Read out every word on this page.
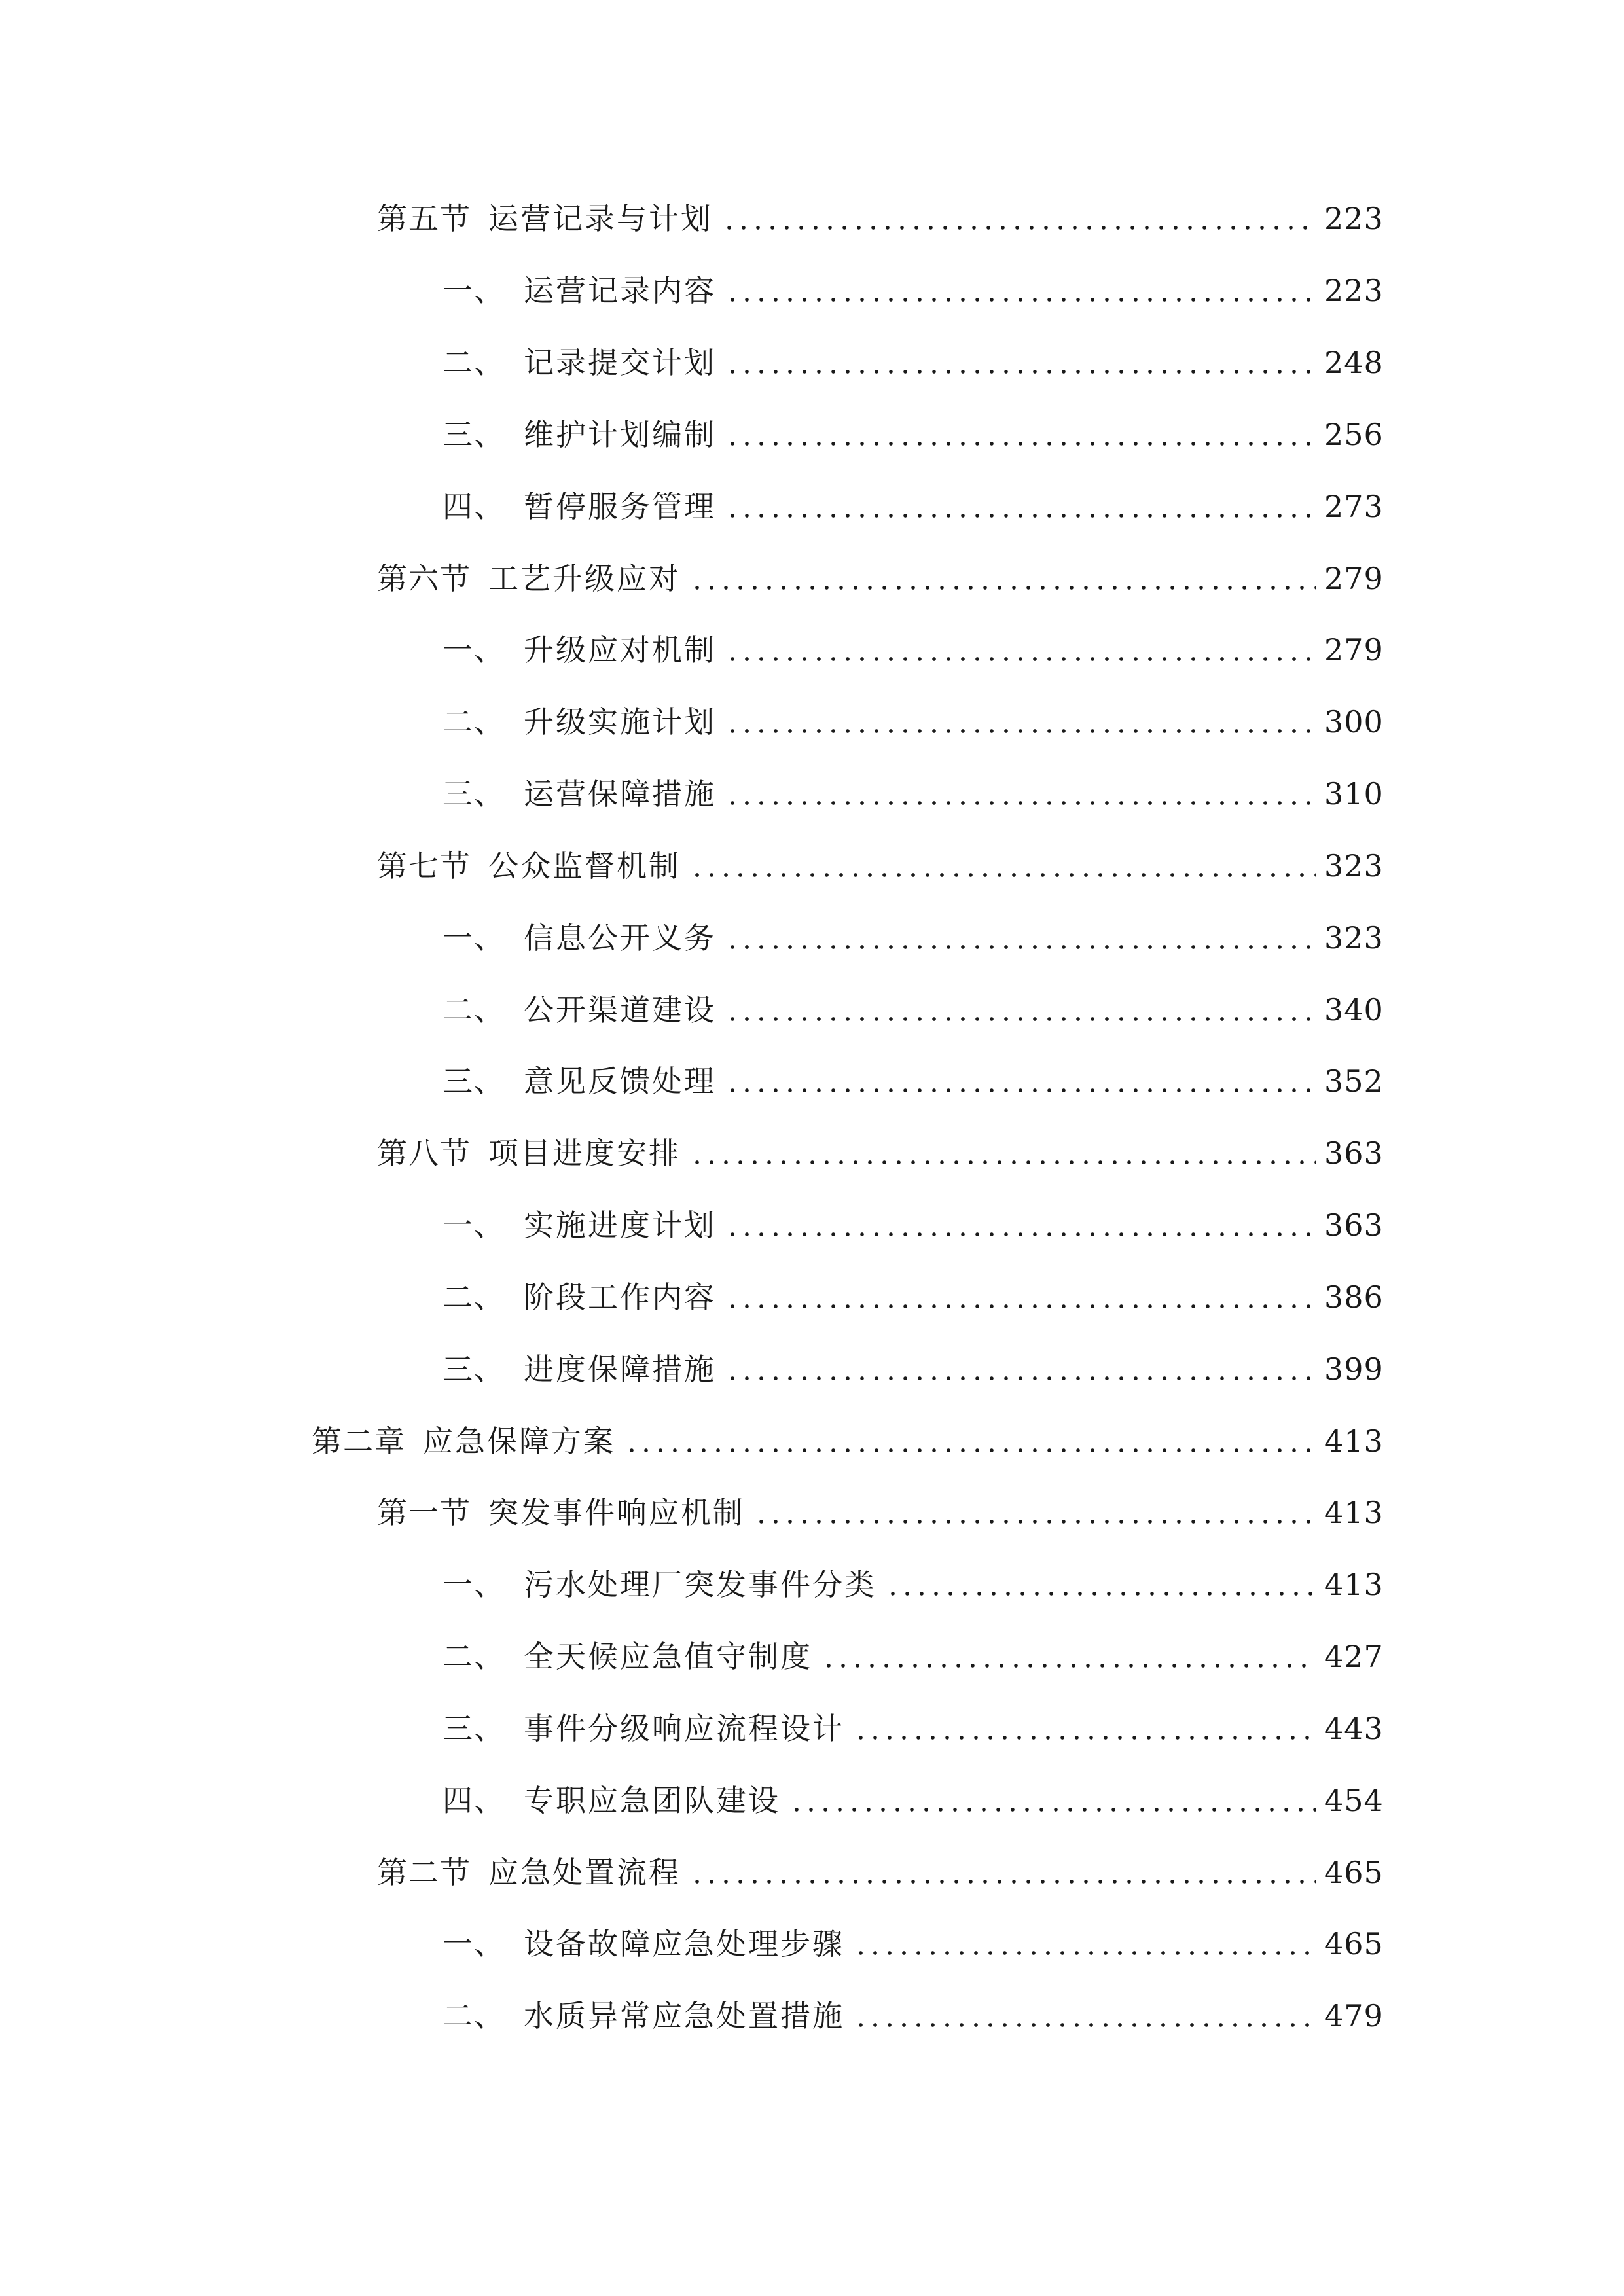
第五节 运营记录与计划	223
一、 运营记录内容	223
二、 记录提交计划	248
三、 维护计划编制	256
四、 暂停服务管理	273
第六节 工艺升级应对	279
一、 升级应对机制	279
二、 升级实施计划	300
三、 运营保障措施	310
第七节 公众监督机制	323
一、 信息公开义务	323
二、 公开渠道建设	340
三、 意见反馈处理	352
第八节 项目进度安排	363
一、 实施进度计划	363
二、 阶段工作内容	386
三、 进度保障措施	399
第二章 应急保障方案	413
第一节 突发事件响应机制	413
一、 污水处理厂突发事件分类	413
二、 全天候应急值守制度	427
三、 事件分级响应流程设计	443
四、 专职应急团队建设	454
第二节 应急处置流程	465
一、 设备故障应急处理步骤	465
二、 水质异常应急处置措施	479
